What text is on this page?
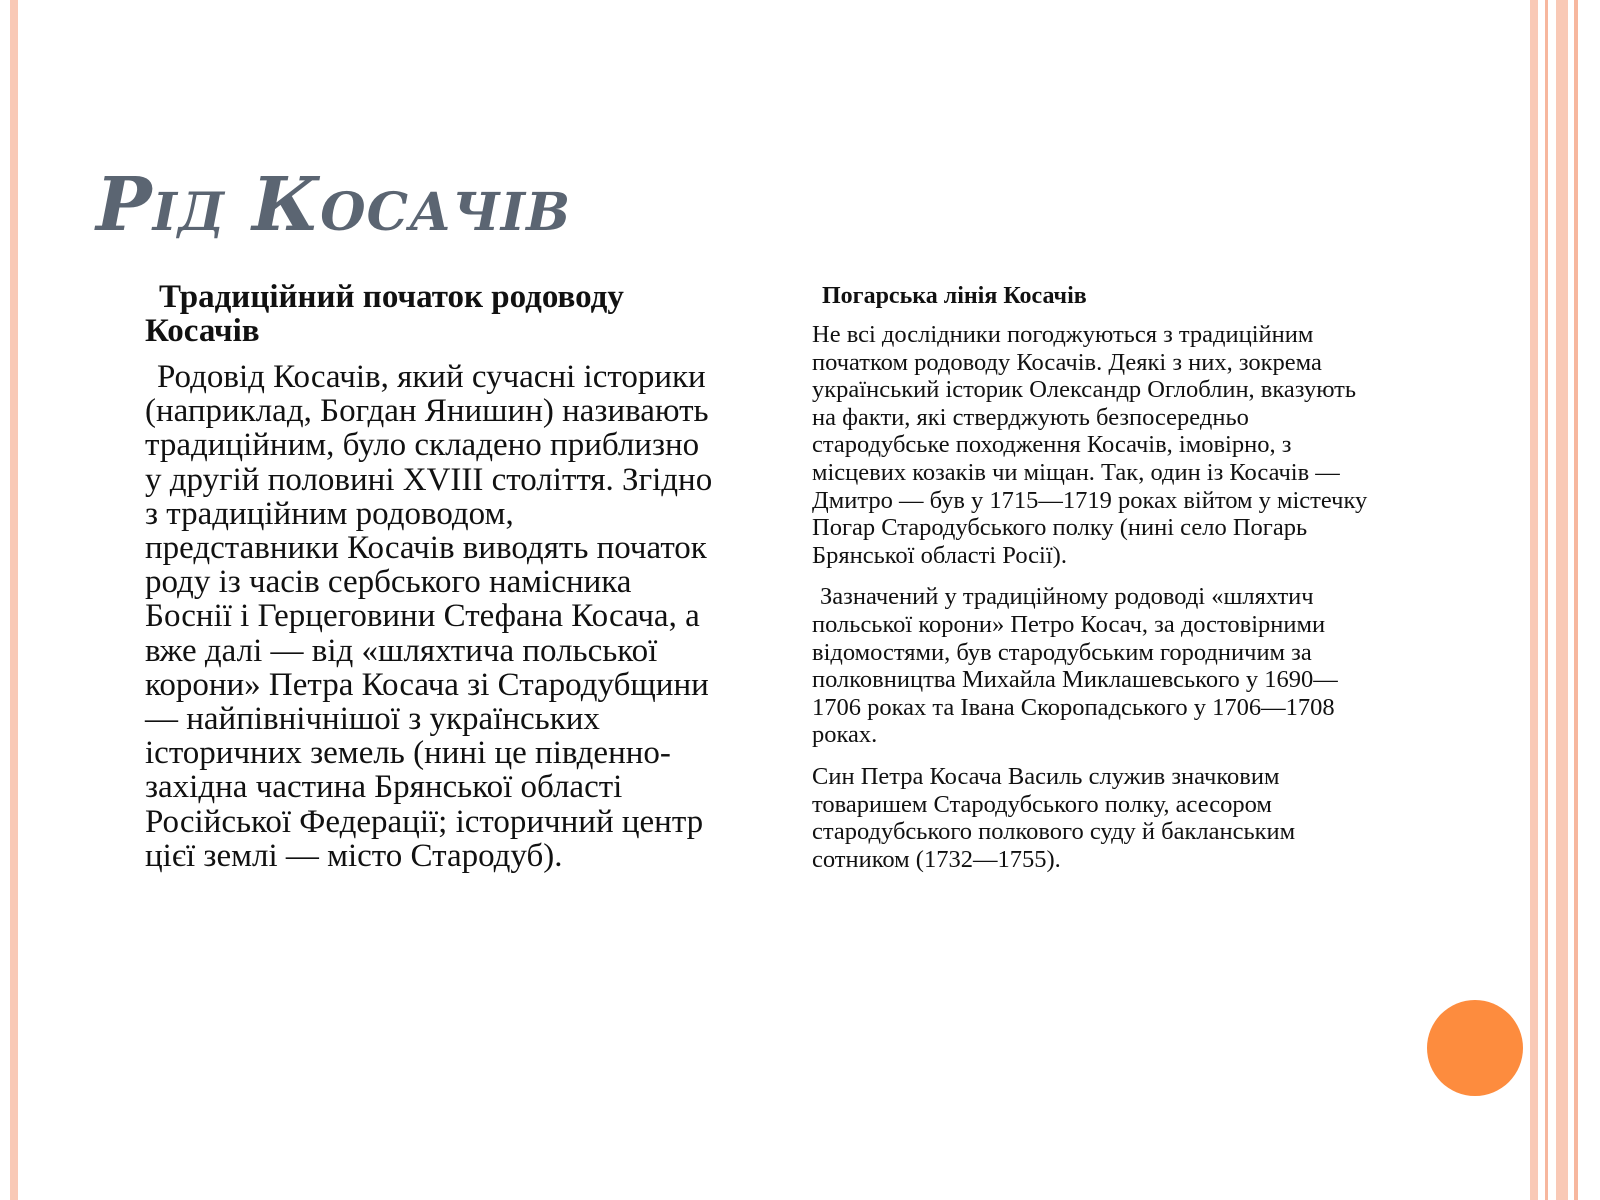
Рід Косачів

Традиційний початок родоводу Косачів

Родовід Косачів, який сучасні історики (наприклад, Богдан Янишин) називають традиційним, було складено приблизно у другій половині XVIII століття. Згідно з традиційним родоводом, представники Косачів виводять початок роду із часів сербського намісника Боснії і Герцеговини Стефана Косача, а вже далі — від «шляхтича польської корони» Петра Косача зі Стародубщини — найпівнічнішої з українських історичних земель (нині це південно-західна частина Брянської області Російської Федерації; історичний центр цієї землі — місто Стародуб).

Погарська лінія Косачів

Не всі дослідники погоджуються з традиційним початком родоводу Косачів. Деякі з них, зокрема український історик Олександр Оглоблин, вказують на факти, які стверджують безпосередньо стародубське походження Косачів, імовірно, з місцевих козаків чи міщан. Так, один із Косачів — Дмитро — був у 1715—1719 роках війтом у містечку Погар Стародубського полку (нині село Погарь Брянської області Росії).

Зазначений у традиційному родоводі «шляхтич польської корони» Петро Косач, за достовірними відомостями, був стародубським городничим за полковництва Михайла Миклашевського у 1690—1706 роках та Івана Скоропадського у 1706—1708 роках.

Син Петра Косача Василь служив значковим товаришем Стародубського полку, асесором стародубського полкового суду й бакланським сотником (1732—1755).
